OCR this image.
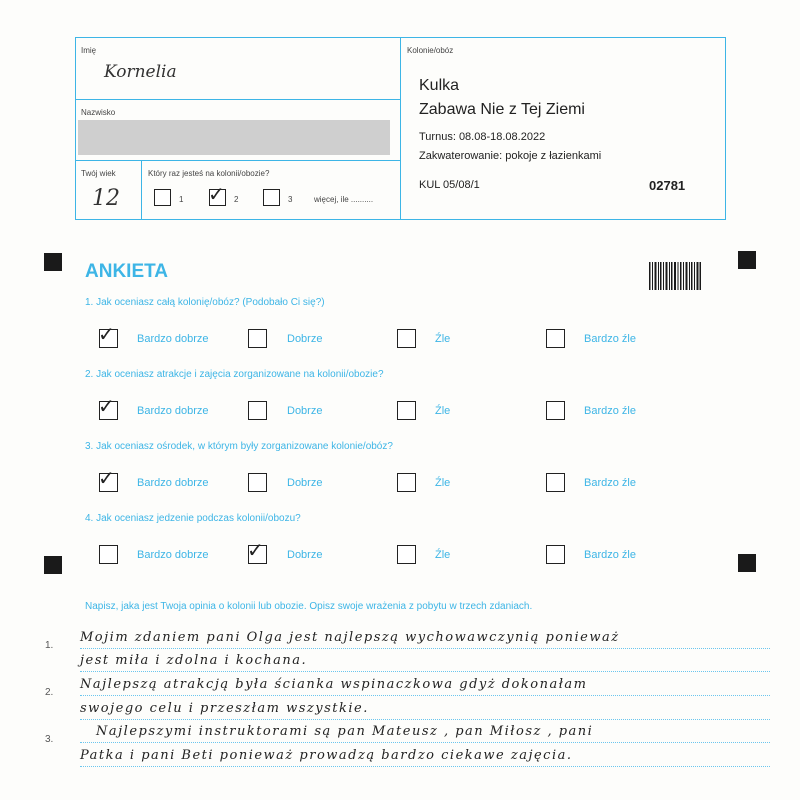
Imię
Kornelia
Nazwisko
Twój wiek
12
Który raz jesteś na kolonii/obozie?
1 ✓ 2	3	więcej, ile ..........
Kolonie/obóz
Kulka
Zabawa Nie z Tej Ziemi
Turnus: 08.08-18.08.2022
Zakwaterowanie: pokoje z łazienkami
KUL 05/08/1	02781
ANKIETA
1. Jak oceniasz całą kolonię/obóz? (Podobało Ci się?)
✓ Bardzo dobrze	Dobrze	Źle	Bardzo źle
2. Jak oceniasz atrakcje i zajęcia zorganizowane na kolonii/obozie?
✓ Bardzo dobrze	Dobrze	Źle	Bardzo źle
3. Jak oceniasz ośrodek, w którym były zorganizowane kolonie/obóz?
✓ Bardzo dobrze	Dobrze	Źle	Bardzo źle
4. Jak oceniasz jedzenie podczas kolonii/obozu?
Bardzo dobrze ✓ Dobrze	Źle	Bardzo źle
Napisz, jaka jest Twoja opinia o kolonii lub obozie. Opisz swoje wrażenia z pobytu w trzech zdaniach.
1.
2.
3.
Mojim zdaniem pani Olga jest najlepszą wychowawczynią ponieważ
jest miła i zdolna i kochana.
Najlepszą atrakcją była ścianka wspinaczkowa gdyż dokonałam
swojego celu i przeszłam wszystkie.
Najlepszymi instruktorami są pan Mateusz , pan Miłosz , pani
Patka i pani Beti ponieważ prowadzą bardzo ciekawe zajęcia.
